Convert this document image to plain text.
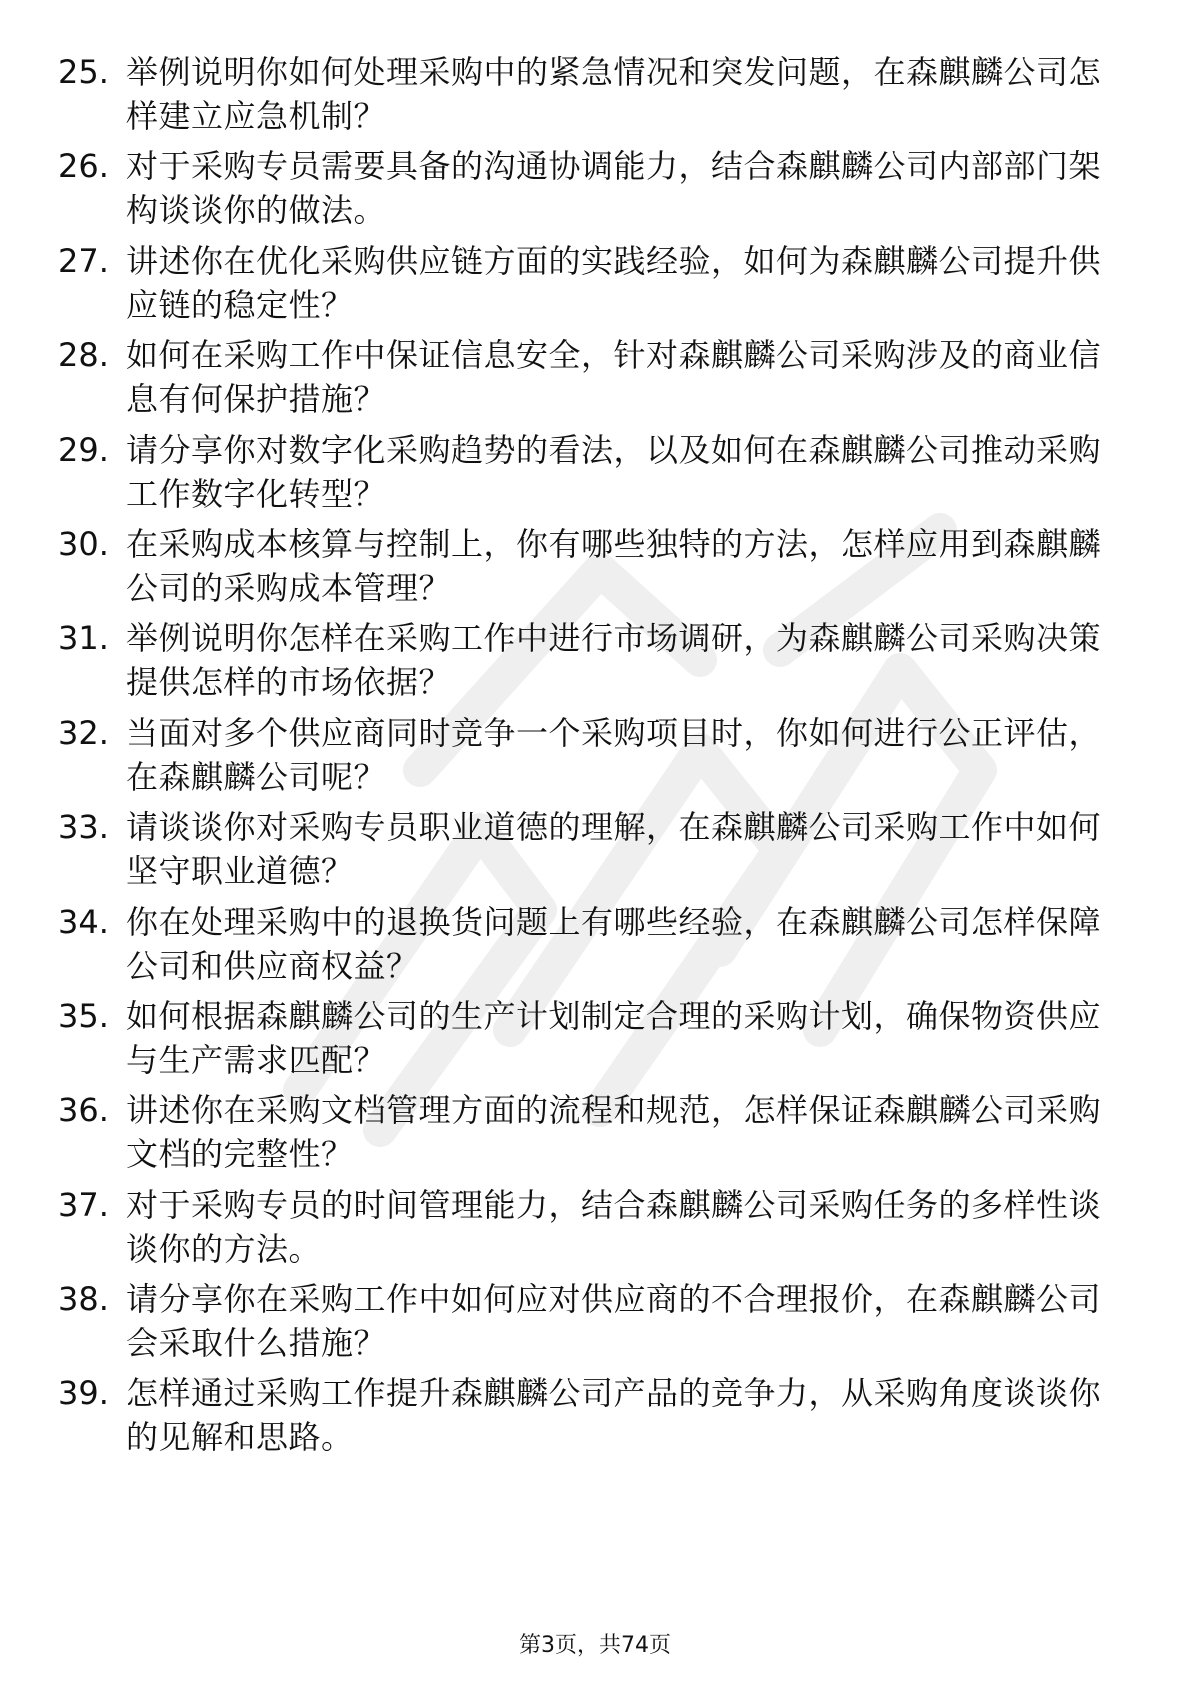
25. 举例说明你如何处理采购中的紧急情况和突发问题，在森麒麟公司怎样建立应急机制？
26. 对于采购专员需要具备的沟通协调能力，结合森麒麟公司内部部门架构谈谈你的做法。
27. 讲述你在优化采购供应链方面的实践经验，如何为森麒麟公司提升供应链的稳定性？
28. 如何在采购工作中保证信息安全，针对森麒麟公司采购涉及的商业信息有何保护措施？
29. 请分享你对数字化采购趋势的看法，以及如何在森麒麟公司推动采购工作数字化转型？
30. 在采购成本核算与控制上，你有哪些独特的方法，怎样应用到森麒麟公司的采购成本管理？
31. 举例说明你怎样在采购工作中进行市场调研，为森麒麟公司采购决策提供怎样的市场依据？
32. 当面对多个供应商同时竞争一个采购项目时，你如何进行公正评估，在森麒麟公司呢？
33. 请谈谈你对采购专员职业道德的理解，在森麒麟公司采购工作中如何坚守职业道德？
34. 你在处理采购中的退换货问题上有哪些经验，在森麒麟公司怎样保障公司和供应商权益？
35. 如何根据森麒麟公司的生产计划制定合理的采购计划，确保物资供应与生产需求匹配？
36. 讲述你在采购文档管理方面的流程和规范，怎样保证森麒麟公司采购文档的完整性？
37. 对于采购专员的时间管理能力，结合森麒麟公司采购任务的多样性谈谈你的方法。
38. 请分享你在采购工作中如何应对供应商的不合理报价，在森麒麟公司会采取什么措施？
39. 怎样通过采购工作提升森麒麟公司产品的竞争力，从采购角度谈谈你的见解和思路。
第3页，共74页
